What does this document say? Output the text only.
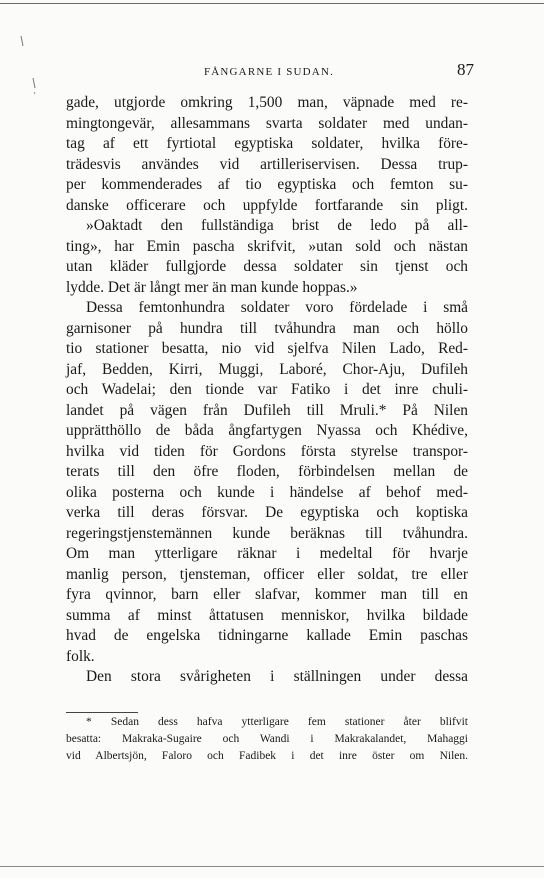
FÅNGARNE I SUDAN.	87
gade, utgjorde omkring 1,500 man, väpnade med re-
mingtongevär, allesammans svarta soldater med undan-
tag af ett fyrtiotal egyptiska soldater, hvilka före-
trädesvis användes vid artilleriservisen. Dessa trup-
per kommenderades af tio egyptiska och femton su-
danske officerare och uppfylde fortfarande sin pligt.
»Oaktadt den fullständiga brist de ledo på all-
ting», har Emin pascha skrifvit, »utan sold och nästan
utan kläder fullgjorde dessa soldater sin tjenst och
lydde. Det är långt mer än man kunde hoppas.»
Dessa femtonhundra soldater voro fördelade i små
garnisoner på hundra till tvåhundra man och höllo
tio stationer besatta, nio vid sjelfva Nilen Lado, Red-
jaf, Bedden, Kirri, Muggi, Laboré, Chor-Aju, Dufileh
och Wadelai; den tionde var Fatiko i det inre chuli-
landet på vägen från Dufileh till Mruli.* På Nilen
upprätthöllo de båda ångfartygen Nyassa och Khédive,
hvilka vid tiden för Gordons första styrelse transpor-
terats till den öfre floden, förbindelsen mellan de
olika posterna och kunde i händelse af behof med-
verka till deras försvar. De egyptiska och koptiska
regeringstjenstemännen kunde beräknas till tvåhundra.
Om man ytterligare räknar i medeltal för hvarje
manlig person, tjensteman, officer eller soldat, tre eller
fyra qvinnor, barn eller slafvar, kommer man till en
summa af minst åttatusen menniskor, hvilka bildade
hvad de engelska tidningarne kallade Emin paschas
folk.
Den stora svårigheten i ställningen under dessa
* Sedan dess hafva ytterligare fem stationer åter blifvit
besatta: Makraka-Sugaire och Wandi i Makrakalandet, Mahaggi
vid Albertsjön, Faloro och Fadibek i det inre öster om Nilen.
